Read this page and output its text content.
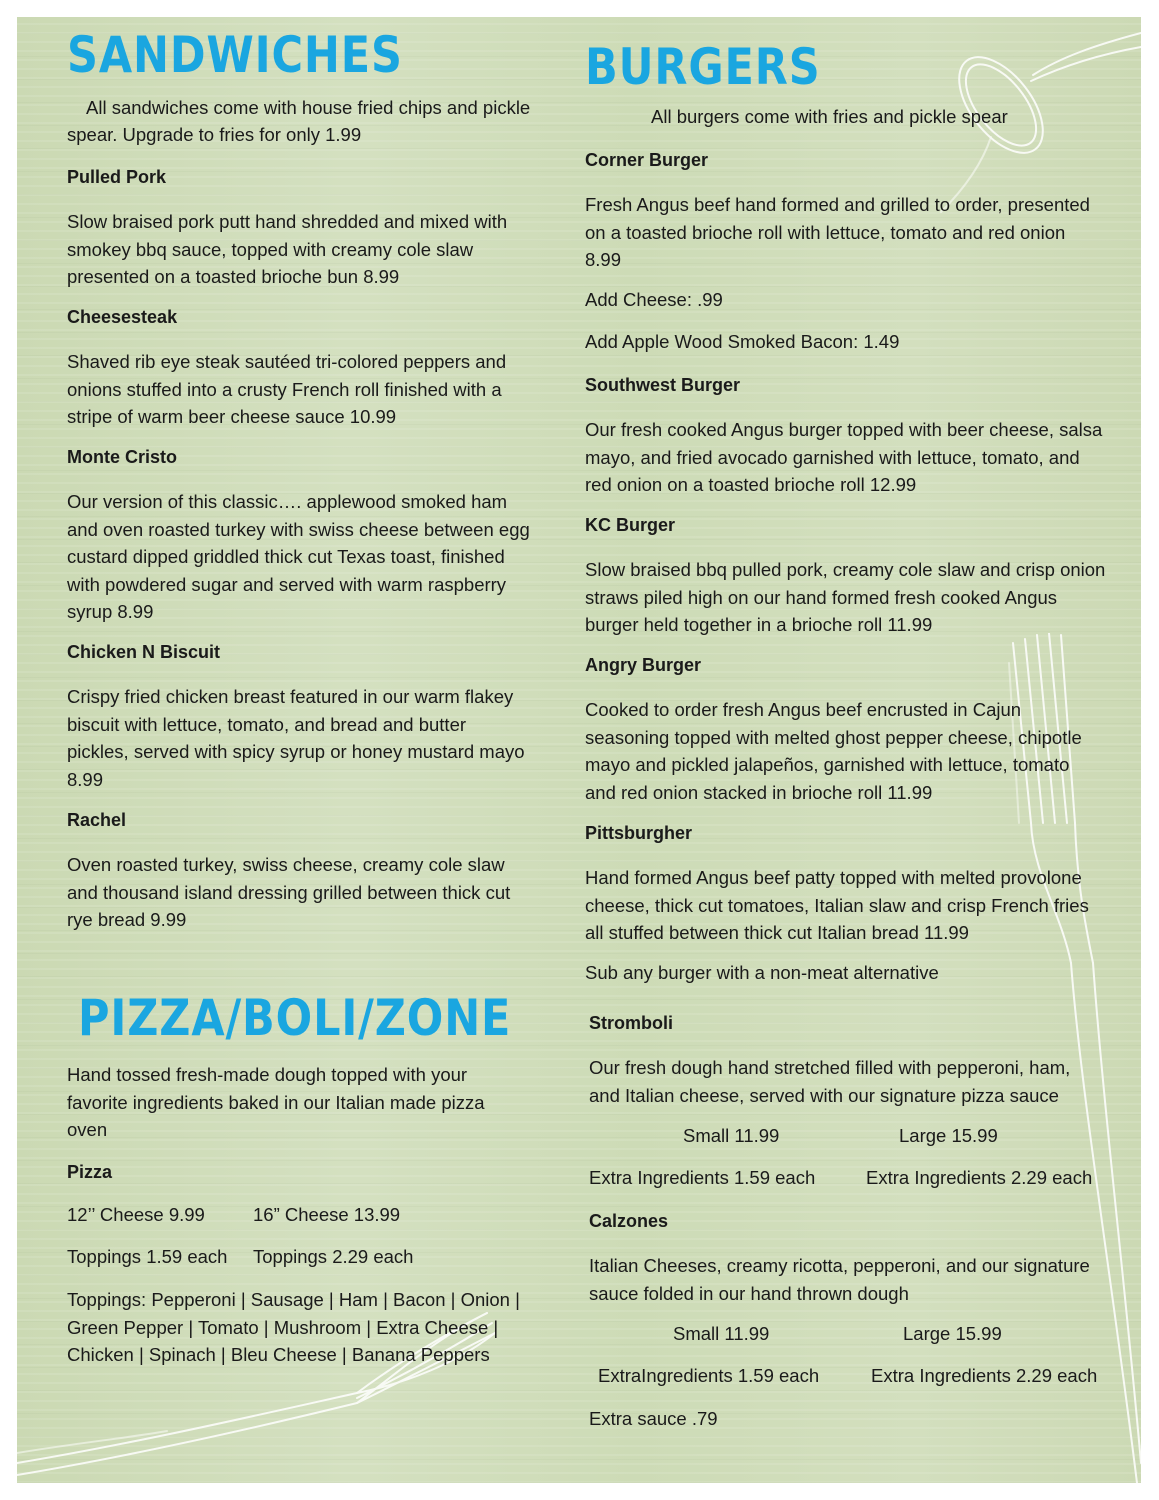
SANDWICHES
All sandwiches come with house fried chips and pickle
spear. Upgrade to fries for only 1.99
Pulled Pork
Slow braised pork putt hand shredded and mixed with
smokey bbq sauce, topped with creamy cole slaw
presented on a toasted brioche bun 8.99
Cheesesteak
Shaved rib eye steak sautéed tri-colored peppers and
onions stuffed into a crusty French roll finished with a
stripe of warm beer cheese sauce 10.99
Monte Cristo
Our version of this classic…. applewood smoked ham
and oven roasted turkey with swiss cheese between egg
custard dipped griddled thick cut Texas toast, finished
with powdered sugar and served with warm raspberry
syrup 8.99
Chicken N Biscuit
Crispy fried chicken breast featured in our warm flakey
biscuit with lettuce, tomato, and bread and butter
pickles, served with spicy syrup or honey mustard mayo
8.99
Rachel
Oven roasted turkey, swiss cheese, creamy cole slaw
and thousand island dressing grilled between thick cut
rye bread 9.99
PIZZA/BOLI/ZONE
Hand tossed fresh-made dough topped with your
favorite ingredients baked in our Italian made pizza
oven
Pizza
12’’ Cheese 9.99	16” Cheese 13.99
Toppings 1.59 each Toppings 2.29 each
Toppings: Pepperoni | Sausage | Ham | Bacon | Onion |
Green Pepper | Tomato | Mushroom | Extra Cheese |
Chicken | Spinach | Bleu Cheese | Banana Peppers
BURGERS
All burgers come with fries and pickle spear
Corner Burger
Fresh Angus beef hand formed and grilled to order, presented
on a toasted brioche roll with lettuce, tomato and red onion
8.99
Add Cheese: .99
Add Apple Wood Smoked Bacon: 1.49
Southwest Burger
Our fresh cooked Angus burger topped with beer cheese, salsa
mayo, and fried avocado garnished with lettuce, tomato, and
red onion on a toasted brioche roll 12.99
KC Burger
Slow braised bbq pulled pork, creamy cole slaw and crisp onion
straws piled high on our hand formed fresh cooked Angus
burger held together in a brioche roll 11.99
Angry Burger
Cooked to order fresh Angus beef encrusted in Cajun
seasoning topped with melted ghost pepper cheese, chipotle
mayo and pickled jalapeños, garnished with lettuce, tomato
and red onion stacked in brioche roll 11.99
Pittsburgher
Hand formed Angus beef patty topped with melted provolone
cheese, thick cut tomatoes, Italian slaw and crisp French fries
all stuffed between thick cut Italian bread 11.99
Sub any burger with a non-meat alternative
Stromboli
Our fresh dough hand stretched filled with pepperoni, ham,
and Italian cheese, served with our signature pizza sauce
Small 11.99	Large 15.99
Extra Ingredients 1.59 each	Extra Ingredients 2.29 each
Calzones
Italian Cheeses, creamy ricotta, pepperoni, and our signature
sauce folded in our hand thrown dough
Small 11.99	Large 15.99
ExtraIngredients 1.59 each	Extra Ingredients 2.29 each
Extra sauce .79
